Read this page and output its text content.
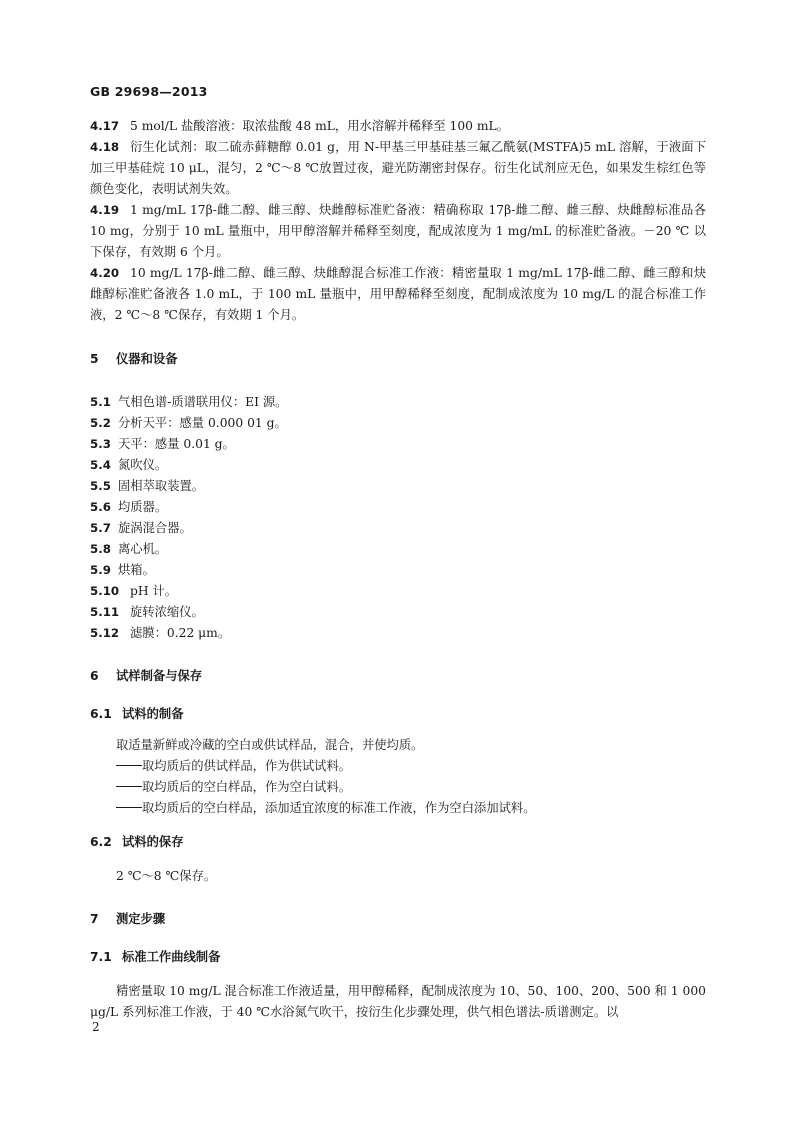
GB 29698—2013

4.17 5 mol/L 盐酸溶液：取浓盐酸 48 mL，用水溶解并稀释至 100 mL。

4.18 衍生化试剂：取二硫赤藓糖醇 0.01 g，用 N-甲基三甲基硅基三氟乙酰氨(MSTFA)5 mL 溶解，于液面下加三甲基硅烷 10 μL，混匀，2 ℃～8 ℃放置过夜，避光防潮密封保存。衍生化试剂应无色，如果发生棕红色等颜色变化，表明试剂失效。

4.19 1 mg/mL 17β-雌二醇、雌三醇、炔雌醇标准贮备液：精确称取 17β-雌二醇、雌三醇、炔雌醇标准品各 10 mg，分别于 10 mL 量瓶中，用甲醇溶解并稀释至刻度，配成浓度为 1 mg/mL 的标准贮备液。－20 ℃ 以下保存，有效期 6 个月。

4.20 10 mg/L 17β-雌二醇、雌三醇、炔雌醇混合标准工作液：精密量取 1 mg/mL 17β-雌二醇、雌三醇和炔雌醇标准贮备液各 1.0 mL，于 100 mL 量瓶中，用甲醇稀释至刻度，配制成浓度为 10 mg/L 的混合标准工作液，2 ℃～8 ℃保存，有效期 1 个月。

5 仪器和设备

5.1 气相色谱-质谱联用仪：EI 源。

5.2 分析天平：感量 0.000 01 g。

5.3 天平：感量 0.01 g。

5.4 氮吹仪。

5.5 固相萃取装置。

5.6 均质器。

5.7 旋涡混合器。

5.8 离心机。

5.9 烘箱。

5.10 pH 计。

5.11 旋转浓缩仪。

5.12 滤膜：0.22 μm。

6 试样制备与保存

6.1 试料的制备

取适量新鲜或冷藏的空白或供试样品，混合，并使均质。

取均质后的供试样品，作为供试试料。

取均质后的空白样品，作为空白试料。

取均质后的空白样品，添加适宜浓度的标准工作液，作为空白添加试料。

6.2 试料的保存

2 ℃～8 ℃保存。

7 测定步骤

7.1 标准工作曲线制备

精密量取 10 mg/L 混合标准工作液适量，用甲醇稀释，配制成浓度为 10、50、100、200、500 和 1 000 μg/L 系列标准工作液，于 40 ℃水浴氮气吹干，按衍生化步骤处理，供气相色谱法-质谱测定。以

2
